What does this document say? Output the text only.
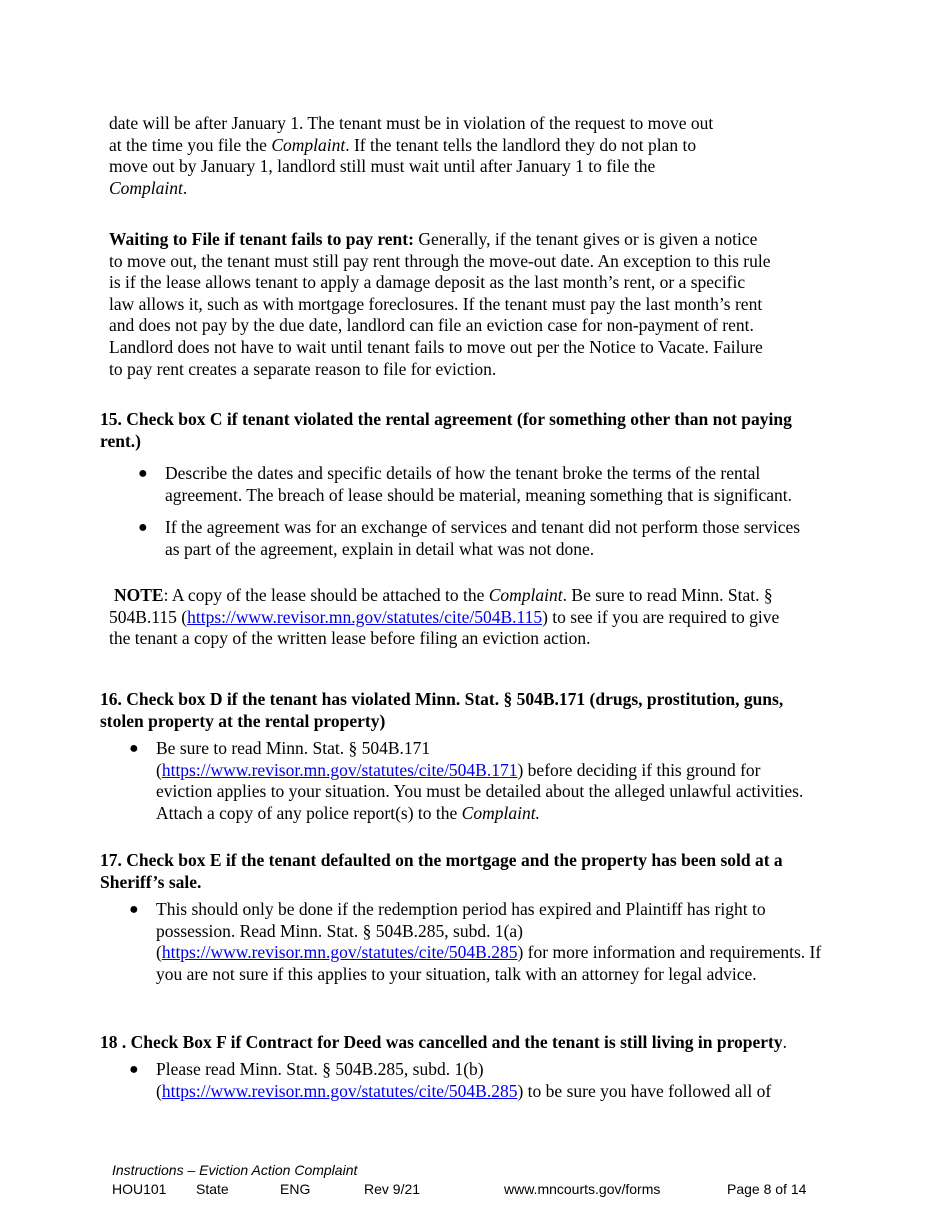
date will be after January 1. The tenant must be in violation of the request to move out
at the time you file the Complaint. If the tenant tells the landlord they do not plan to
move out by January 1, landlord still must wait until after January 1 to file the
Complaint.
Waiting to File if tenant fails to pay rent: Generally, if the tenant gives or is given a notice to move out, the tenant must still pay rent through the move-out date. An exception to this rule is if the lease allows tenant to apply a damage deposit as the last month’s rent, or a specific law allows it, such as with mortgage foreclosures. If the tenant must pay the last month’s rent and does not pay by the due date, landlord can file an eviction case for non-payment of rent. Landlord does not have to wait until tenant fails to move out per the Notice to Vacate. Failure to pay rent creates a separate reason to file for eviction.
15. Check box C if tenant violated the rental agreement (for something other than not paying rent.)
● Describe the dates and specific details of how the tenant broke the terms of the rental agreement. The breach of lease should be material, meaning something that is significant.
● If the agreement was for an exchange of services and tenant did not perform those services as part of the agreement, explain in detail what was not done.
NOTE: A copy of the lease should be attached to the Complaint. Be sure to read Minn. Stat. § 504B.115 (https://www.revisor.mn.gov/statutes/cite/504B.115) to see if you are required to give the tenant a copy of the written lease before filing an eviction action.
16. Check box D if the tenant has violated Minn. Stat. § 504B.171 (drugs, prostitution, guns, stolen property at the rental property)
● Be sure to read Minn. Stat. § 504B.171
(https://www.revisor.mn.gov/statutes/cite/504B.171) before deciding if this ground for eviction applies to your situation. You must be detailed about the alleged unlawful activities. Attach a copy of any police report(s) to the Complaint.
17. Check box E if the tenant defaulted on the mortgage and the property has been sold at a Sheriff’s sale.
● This should only be done if the redemption period has expired and Plaintiff has right to possession. Read Minn. Stat. § 504B.285, subd. 1(a) (https://www.revisor.mn.gov/statutes/cite/504B.285) for more information and requirements. If you are not sure if this applies to your situation, talk with an attorney for legal advice.
18 . Check Box F if Contract for Deed was cancelled and the tenant is still living in property.
● Please read Minn. Stat. § 504B.285, subd. 1(b)
(https://www.revisor.mn.gov/statutes/cite/504B.285) to be sure you have followed all of
Instructions – Eviction Action Complaint
HOU101 State	ENG	Rev 9/21	www.mncourts.gov/forms	Page 8 of 14
